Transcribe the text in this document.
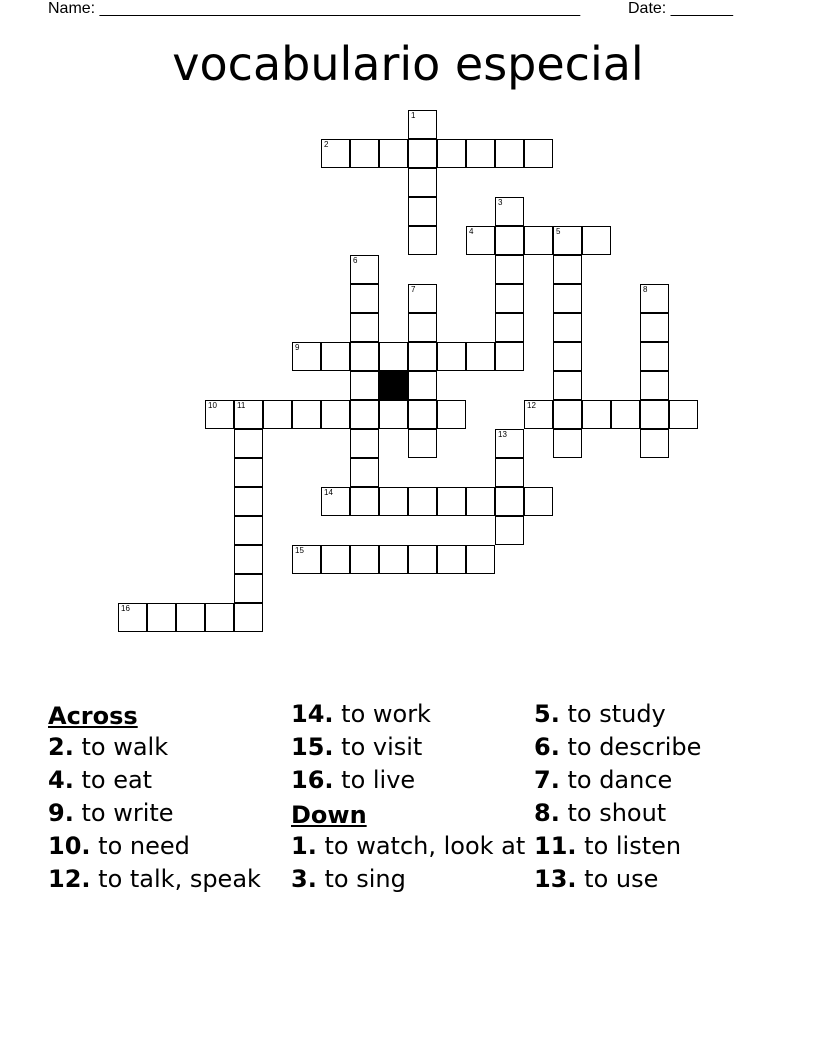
Name: ______________________________________________________	Date: _______
vocabulario especial
1
2
3
4	5
6
7	8
9
10	11	12
13
14
15
16
Across
2. to walk
4. to eat
9. to write
10. to need
12. to talk, speak
14. to work
15. to visit
16. to live
Down
1. to watch, look at
3. to sing
5. to study
6. to describe
7. to dance
8. to shout
11. to listen
13. to use
